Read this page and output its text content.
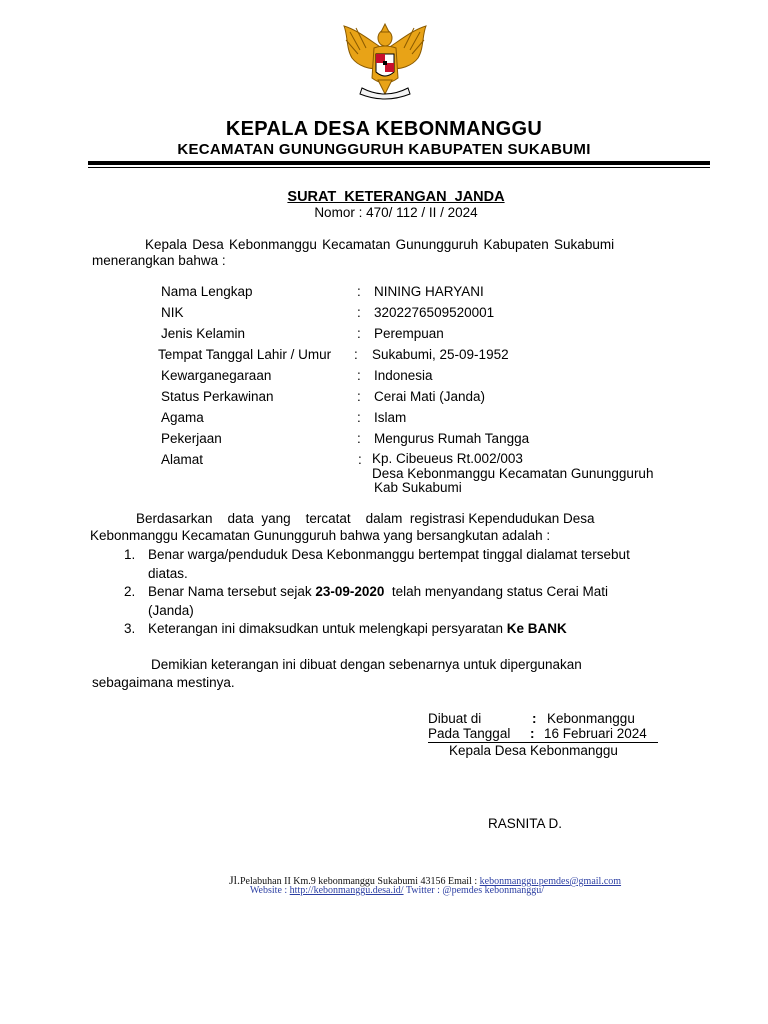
KEPALA DESA KEBONMANGGU
KECAMATAN GUNUNGGURUH KABUPATEN SUKABUMI
SURAT KETERANGAN JANDA
Nomor : 470/ 112 / II / 2024
Kepala Desa Kebonmanggu Kecamatan Gunungguruh Kabupaten Sukabumi
menerangkan bahwa :
Nama Lengkap	: NINING HARYANI
NIK	: 3202276509520001
Jenis Kelamin	: Perempuan
Tempat Tanggal Lahir / Umur : Sukabumi, 25-09-1952
Kewarganegaraan	: Indonesia
Status Perkawinan	: Cerai Mati (Janda)
Agama	: Islam
Pekerjaan	: Mengurus Rumah Tangga
Alamat	: Kp. Cibeueus Rt.002/003
Desa Kebonmanggu Kecamatan Gunungguruh
Kab Sukabumi
Berdasarkan    data  yang    tercatat    dalam  registrasi Kependudukan Desa
Kebonmanggu Kecamatan Gunungguruh bahwa yang bersangkutan adalah :
1. Benar warga/penduduk Desa Kebonmanggu bertempat tinggal dialamat tersebut
diatas.
2. Benar Nama tersebut sejak 23-09-2020  telah menyandang status Cerai Mati
(Janda)
3. Keterangan ini dimaksudkan untuk melengkapi persyaratan Ke BANK
Demikian keterangan ini dibuat dengan sebenarnya untuk dipergunakan
sebagaimana mestinya.
Dibuat di	: Kebonmanggu
Pada Tanggal : 16 Februari 2024
Kepala Desa Kebonmanggu
RASNITA D.
Jl.Pelabuhan II Km.9 kebonmanggu Sukabumi 43156 Email : kebonmanggu.pemdes@gmail.com
Website : http://kebonmanggu.desa.id/ Twitter : @pemdes kebonmanggu/
